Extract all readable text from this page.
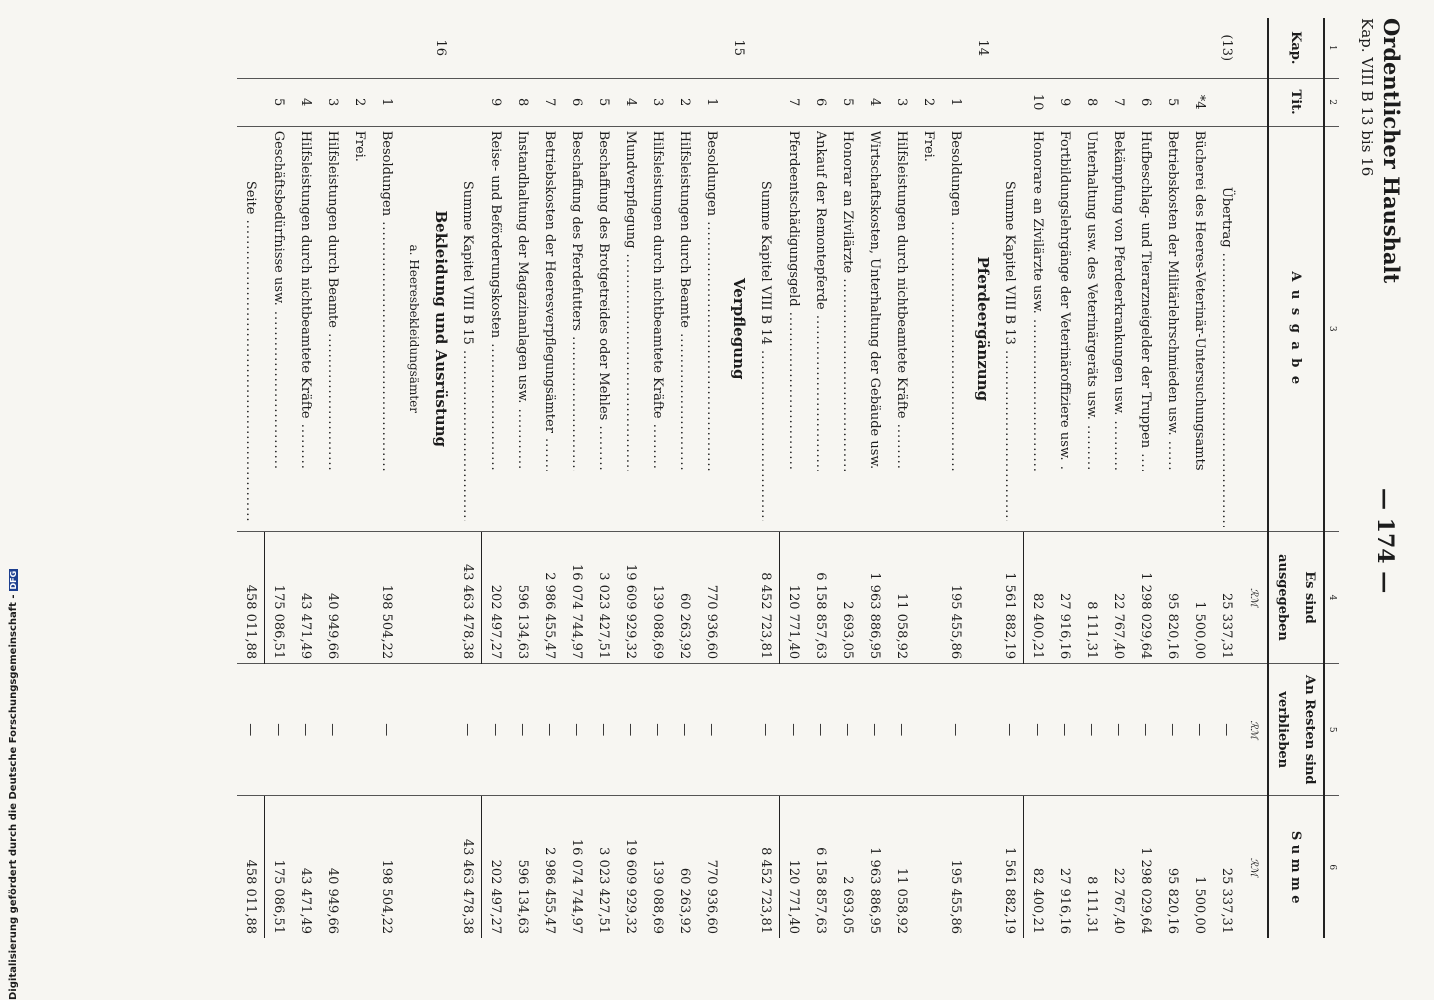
Ordentlicher Haushalt
Kap. VIII B 13 bis 16
— 174 —
1	2	3	4	5	6
Kap.	Tit.	A u s g a b e	Es sind ausgegeben	An Resten sind verblieben	S u m m e
			ℛℳ	ℛℳ	ℛℳ
(13)		Übertrag .....	25 337,31	—	25 337,31
	*4	Bücherei des Heeres-Veterinär-Untersuchungsamts .....	1 500,00	—	1 500,00
	5	Betriebskosten der Militärlehrschmieden usw. .....	95 820,16	—	95 820,16
	6	Hufbeschlag- und Tierarzneigelder der Truppen .....	1 298 029,64	—	1 298 029,64
	7	Bekämpfung von Pferdeerkrankungen usw. .....	22 767,40	—	22 767,40
	8	Unterhaltung usw. des Veterinärgeräts usw. .....	8 111,31	—	8 111,31
	9	Fortbildungslehrgänge der Veterinäroffiziere usw. .....	27 916,16	—	27 916,16
	10	Honorare an Zivilärzte usw. .....	82 400,21	—	82 400,21
		Summe Kapitel VIII B 13 .....	1 561 882,19	—	1 561 882,19
14		Pferdeergänzung			
	1	Besoldungen .....	195 455,86	—	195 455,86
	2	Frei.			
	3	Hilfsleistungen durch nichtbeamtete Kräfte .....	11 058,92	—	11 058,92
	4	Wirtschaftskosten, Unterhaltung der Gebäude usw. .....	1 963 886,95	—	1 963 886,95
	5	Honorar an Zivilärzte .....	2 693,05	—	2 693,05
	6	Ankauf der Remontepferde .....	6 158 857,63	—	6 158 857,63
	7	Pferdeentschädigungsgeld .....	120 771,40	—	120 771,40
		Summe Kapitel VIII B 14 .....	8 452 723,81	—	8 452 723,81
15		Verpflegung			
	1	Besoldungen .....	770 936,60	—	770 936,60
	2	Hilfsleistungen durch Beamte .....	60 263,92	—	60 263,92
	3	Hilfsleistungen durch nichtbeamtete Kräfte .....	139 088,69	—	139 088,69
	4	Mundverpflegung .....	19 609 929,32	—	19 609 929,32
	5	Beschaffung des Brotgetreides oder Mehles .....	3 023 427,51	—	3 023 427,51
	6	Beschaffung des Pferdefutters .....	16 074 744,97	—	16 074 744,97
	7	Betriebskosten der Heeresverpflegungsämter .....	2 986 455,47	—	2 986 455,47
	8	Instandhaltung der Magazinanlagen usw. .....	596 134,63	—	596 134,63
	9	Reise- und Beförderungskosten .....	202 497,27	—	202 497,27
		Summe Kapitel VIII B 15 .....	43 463 478,38	—	43 463 478,38
16		Bekleidung und Ausrüstung			
		a. Heeresbekleidungsämter			
	1	Besoldungen .....	198 504,22	—	198 504,22
	2	Frei.			
	3	Hilfsleistungen durch Beamte .....	40 949,66	—	40 949,66
	4	Hilfsleistungen durch nichtbeamtete Kräfte .....	43 471,49	—	43 471,49
	5	Geschäftsbedürfnisse usw. .....	175 086,51	—	175 086,51
		Seite .....	458 011,88	—	458 011,88
Digitalisierung gefördert durch die Deutsche Forschungsgemeinschaft -DFG
